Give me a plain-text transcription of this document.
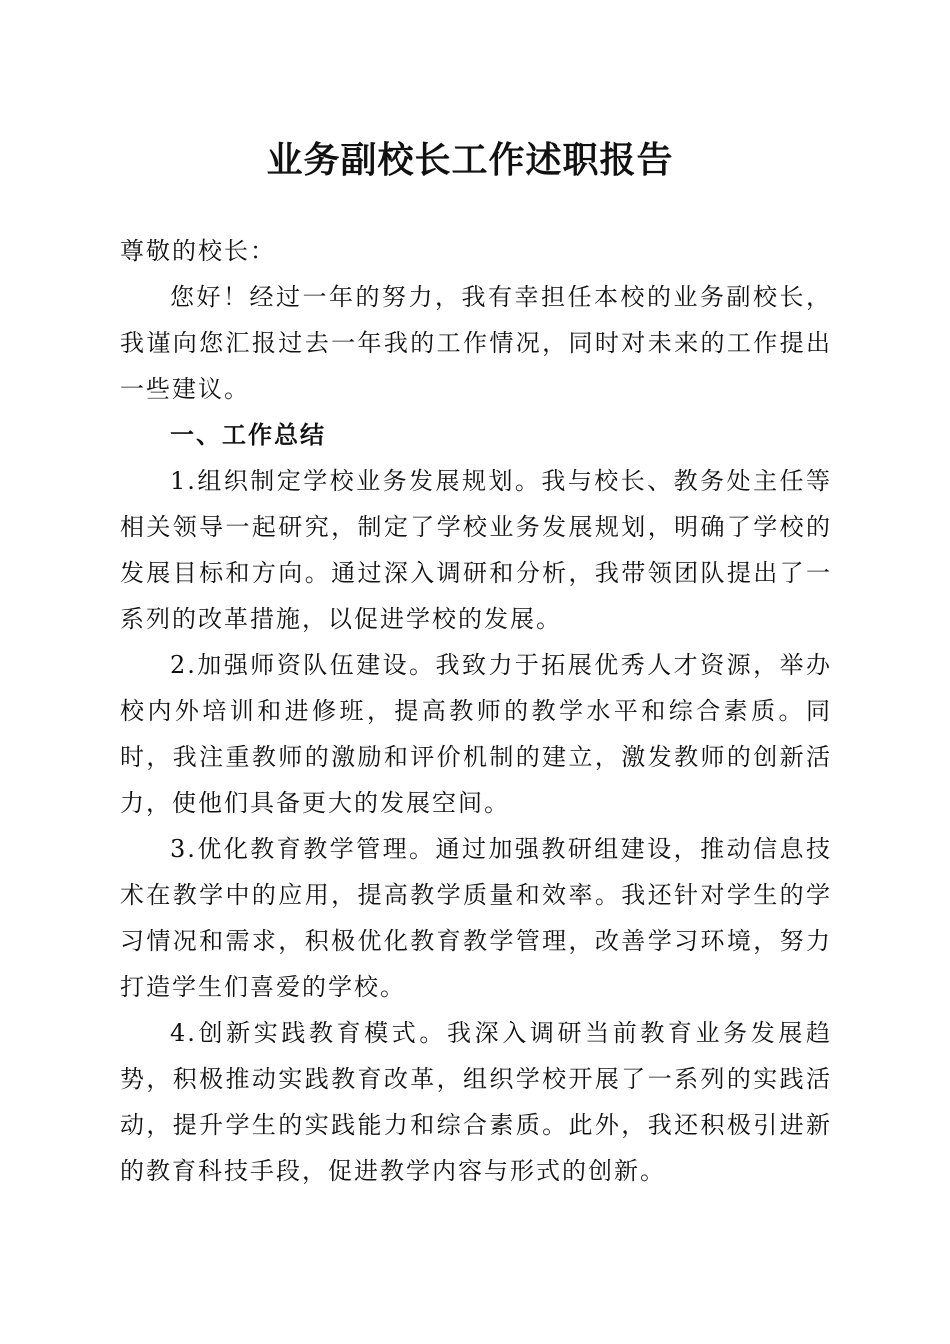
业务副校长工作述职报告

尊敬的校长：

您好！经过一年的努力，我有幸担任本校的业务副校长，我谨向您汇报过去一年我的工作情况，同时对未来的工作提出一些建议。

一、工作总结

1.组织制定学校业务发展规划。我与校长、教务处主任等相关领导一起研究，制定了学校业务发展规划，明确了学校的发展目标和方向。通过深入调研和分析，我带领团队提出了一系列的改革措施，以促进学校的发展。

2.加强师资队伍建设。我致力于拓展优秀人才资源，举办校内外培训和进修班，提高教师的教学水平和综合素质。同时，我注重教师的激励和评价机制的建立，激发教师的创新活力，使他们具备更大的发展空间。

3.优化教育教学管理。通过加强教研组建设，推动信息技术在教学中的应用，提高教学质量和效率。我还针对学生的学习情况和需求，积极优化教育教学管理，改善学习环境，努力打造学生们喜爱的学校。

4.创新实践教育模式。我深入调研当前教育业务发展趋势，积极推动实践教育改革，组织学校开展了一系列的实践活动，提升学生的实践能力和综合素质。此外，我还积极引进新的教育科技手段，促进教学内容与形式的创新。
